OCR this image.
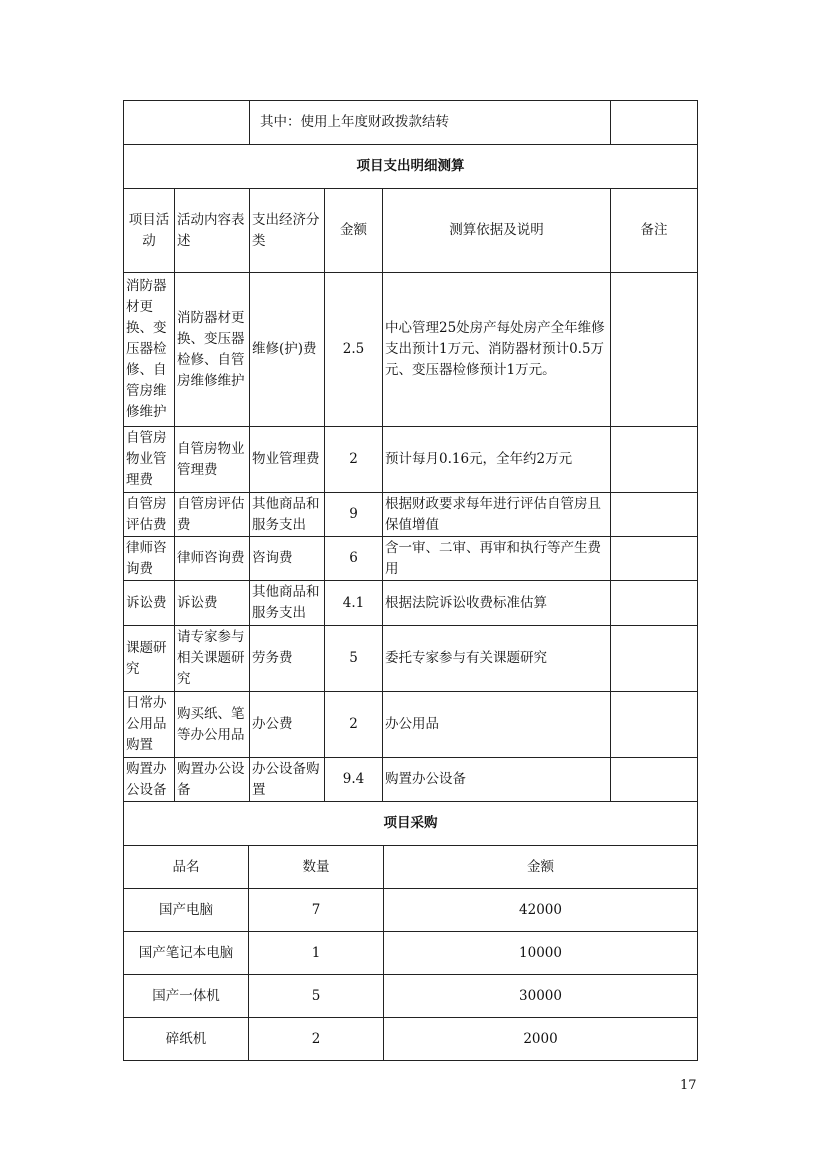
		其中：使用上年度财政拨款结转			
项目支出明细测算					
项目活动	活动内容表述	支出经济分类	金额	测算依据及说明	备注
消防器材更换、变压器检修、自管房维修维护	消防器材更换、变压器检修、自管房维修维护	维修(护)费	2.5	中心管理25处房产每处房产全年维修支出预计1万元、消防器材预计0.5万元、变压器检修预计1万元。	
自管房物业管理费	自管房物业管理费	物业管理费	2	预计每月0.16元，全年约2万元	
自管房评估费	自管房评估费	其他商品和服务支出	9	根据财政要求每年进行评估自管房且保值增值	
律师咨询费	律师咨询费	咨询费	6	含一审、二审、再审和执行等产生费用	
诉讼费	诉讼费	其他商品和服务支出	4.1	根据法院诉讼收费标准估算	
课题研究	请专家参与相关课题研究	劳务费	5	委托专家参与有关课题研究	
日常办公用品购置	购买纸、笔等办公用品	办公费	2	办公用品	
购置办公设备	购置办公设备	办公设备购置	9.4	购置办公设备	
项目采购		
品名	数量	金额
国产电脑	7	42000
国产笔记本电脑	1	10000
国产一体机	5	30000
碎纸机	2	2000
17
